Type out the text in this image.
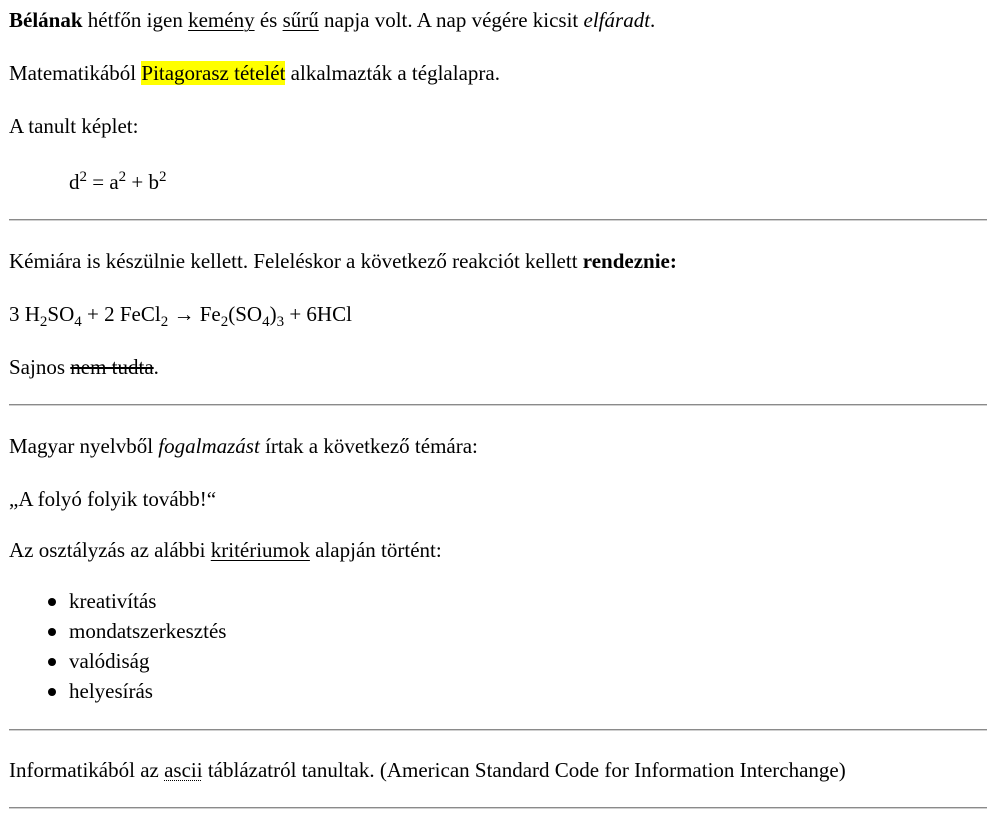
Bélának hétfőn igen kemény és sűrű napja volt. A nap végére kicsit elfáradt.
Matematikából Pitagorasz tételét alkalmazták a téglalapra.
A tanult képlet:
$d^2 = a^2 + b^2$
Kémiára is készülnie kellett. Feleléskor a következő reakciót kellett rendeznie:
3 $H_2SO_4 + 2$ FeCl$_2$ → $Fe_2(SO_4)_3 + 6HCl$
Sajnos nem tudta.
Magyar nyelvből fogalmazást írtak a következő témára:
„A folyó folyik tovább!“
Az osztályzás az alábbi kritériumok alapján történt:
kreativítás
mondatszerkesztés
valódiság
helyesírás
Informatikából az ascii táblázatról tanultak. (American Standard Code for Information Interchange)
